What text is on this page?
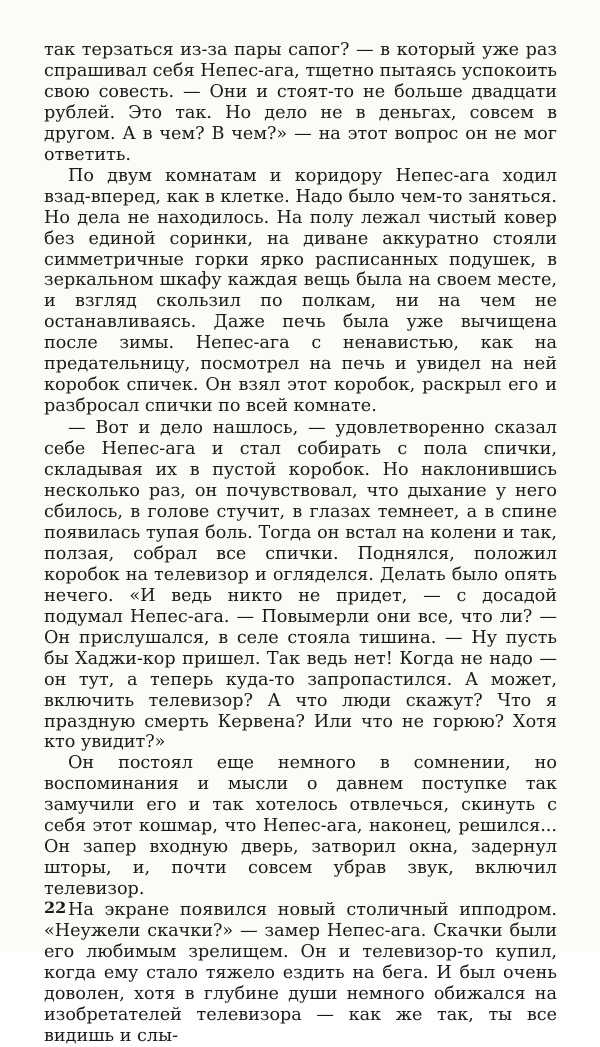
так терзаться из-за пары сапог? — в который уже раз спрашивал себя Непес-ага, тщетно пытаясь успокоить свою совесть. — Они и стоят-то не больше двадцати рублей. Это так. Но дело не в деньгах, совсем в другом. А в чем? В чем?» — на этот вопрос он не мог ответить.

По двум комнатам и коридору Непес-ага ходил взад-вперед, как в клетке. Надо было чем-то заняться. Но дела не находилось. На полу лежал чистый ковер без единой соринки, на диване аккуратно стояли симметричные горки ярко расписанных подушек, в зеркальном шкафу каждая вещь была на своем месте, и взгляд скользил по полкам, ни на чем не останавливаясь. Даже печь была уже вычищена после зимы. Непес-ага с ненавистью, как на предательницу, посмотрел на печь и увидел на ней коробок спичек. Он взял этот коробок, раскрыл его и разбросал спички по всей комнате.

— Вот и дело нашлось, — удовлетворенно сказал себе Непес-ага и стал собирать с пола спички, складывая их в пустой коробок. Но наклонившись несколько раз, он почувствовал, что дыхание у него сбилось, в голове стучит, в глазах темнеет, а в спине появилась тупая боль. Тогда он встал на колени и так, ползая, собрал все спички. Поднялся, положил коробок на телевизор и огляделся. Делать было опять нечего. «И ведь никто не придет, — с досадой подумал Непес-ага. — Повымерли они все, что ли? — Он прислушался, в селе стояла тишина. — Ну пусть бы Хаджи-кор пришел. Так ведь нет! Когда не надо — он тут, а теперь куда-то запропастился. А может, включить телевизор? А что люди скажут? Что я праздную смерть Кервена? Или что не горюю? Хотя кто увидит?»

Он постоял еще немного в сомнении, но воспоминания и мысли о давнем поступке так замучили его и так хотелось отвлечься, скинуть с себя этот кошмар, что Непес-ага, наконец, решился... Он запер входную дверь, затворил окна, задернул шторы, и, почти совсем убрав звук, включил телевизор.

На экране появился новый столичный ипподром. «Неужели скачки?» — замер Непес-ага. Скачки были его любимым зрелищем. Он и телевизор-то купил, когда ему стало тяжело ездить на бега. И был очень доволен, хотя в глубине души немного обижался на изобретателей телевизора — как же так, ты все видишь и слы-

22
